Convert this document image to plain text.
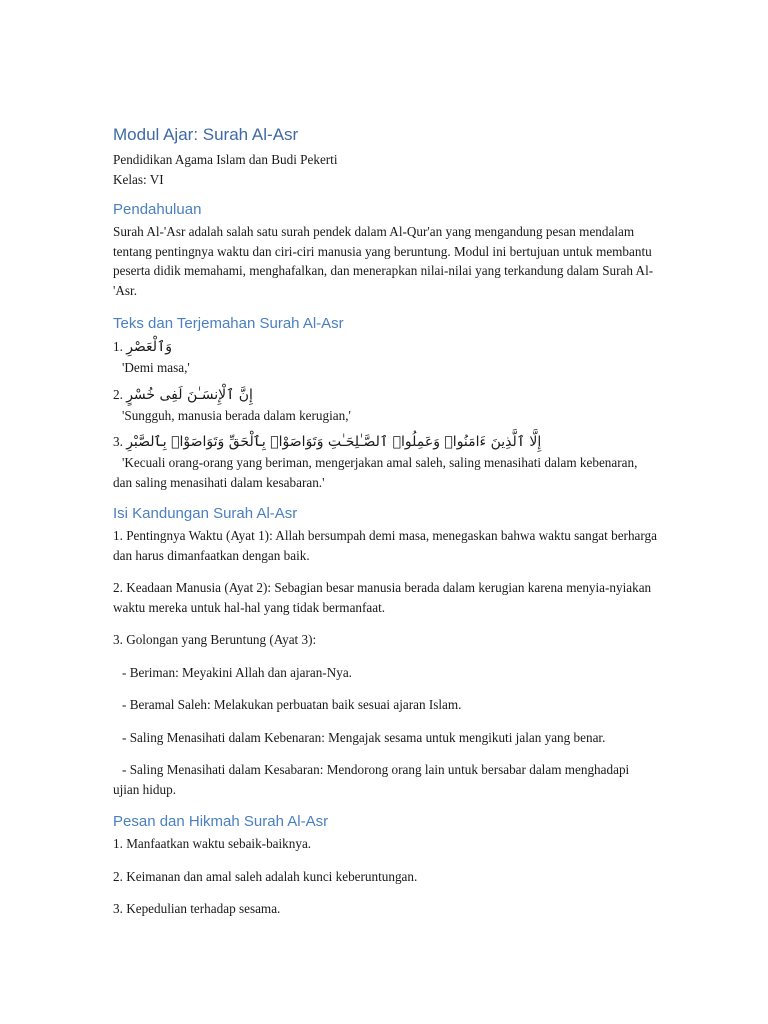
Modul Ajar: Surah Al-Asr

Pendidikan Agama Islam dan Budi Pekerti

Kelas: VI

Pendahuluan

Surah Al-'Asr adalah salah satu surah pendek dalam Al-Qur'an yang mengandung pesan mendalam tentang pentingnya waktu dan ciri-ciri manusia yang beruntung. Modul ini bertujuan untuk membantu peserta didik memahami, menghafalkan, dan menerapkan nilai-nilai yang terkandung dalam Surah Al-'Asr.

Teks dan Terjemahan Surah Al-Asr

1. وَٱلْعَصْرِ

'Demi masa,'

2. إِنَّ ٱلْإِنسَـٰنَ لَفِى خُسْرٍ

'Sungguh, manusia berada dalam kerugian,'

3. إِلَّا ٱلَّذِينَ ءَامَنُوا۟ وَعَمِلُوا۟ ٱلصَّـٰلِحَـٰتِ وَتَوَاصَوْا۟ بِٱلْحَقِّ وَتَوَاصَوْا۟ بِٱلصَّبْرِ

'Kecuali orang-orang yang beriman, mengerjakan amal saleh, saling menasihati dalam kebenaran, dan saling menasihati dalam kesabaran.'

Isi Kandungan Surah Al-Asr

1. Pentingnya Waktu (Ayat 1): Allah bersumpah demi masa, menegaskan bahwa waktu sangat berharga dan harus dimanfaatkan dengan baik.

2. Keadaan Manusia (Ayat 2): Sebagian besar manusia berada dalam kerugian karena menyia-nyiakan waktu mereka untuk hal-hal yang tidak bermanfaat.

3. Golongan yang Beruntung (Ayat 3):

- Beriman: Meyakini Allah dan ajaran-Nya.

- Beramal Saleh: Melakukan perbuatan baik sesuai ajaran Islam.

- Saling Menasihati dalam Kebenaran: Mengajak sesama untuk mengikuti jalan yang benar.

- Saling Menasihati dalam Kesabaran: Mendorong orang lain untuk bersabar dalam menghadapi ujian hidup.

Pesan dan Hikmah Surah Al-Asr

1. Manfaatkan waktu sebaik-baiknya.

2. Keimanan dan amal saleh adalah kunci keberuntungan.

3. Kepedulian terhadap sesama.
